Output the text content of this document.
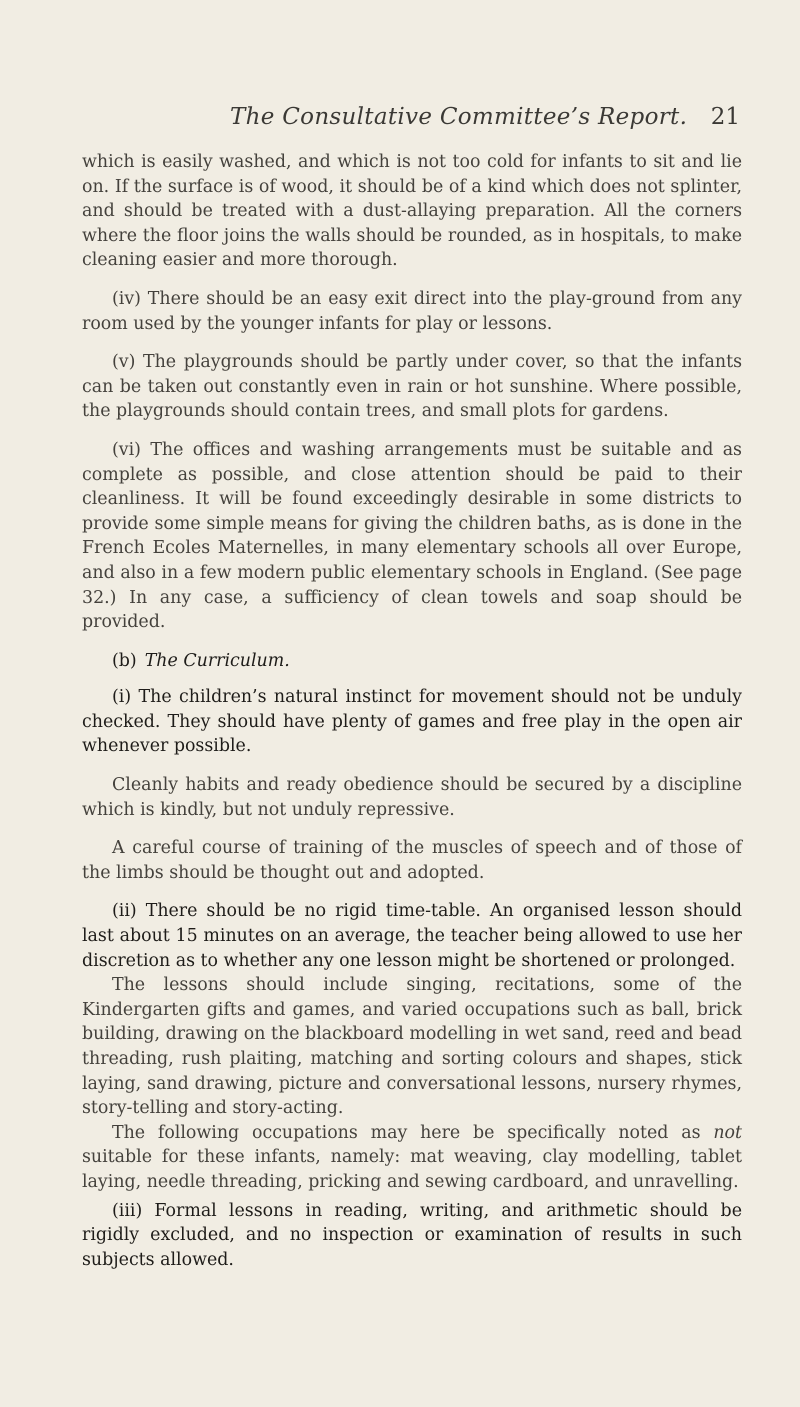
The Consultative Committee’s Report. 21

which is easily washed, and which is not too cold for infants to sit and lie on. If the surface is of wood, it should be of a kind which does not splinter, and should be treated with a dust-allaying preparation. All the corners where the floor joins the walls should be rounded, as in hospitals, to make cleaning easier and more thorough.

(iv) There should be an easy exit direct into the play-ground from any room used by the younger infants for play or lessons.

(v) The playgrounds should be partly under cover, so that the infants can be taken out constantly even in rain or hot sunshine. Where possible, the playgrounds should contain trees, and small plots for gardens.

(vi) The offices and washing arrangements must be suitable and as complete as possible, and close attention should be paid to their cleanliness. It will be found exceedingly desirable in some districts to provide some simple means for giving the children baths, as is done in the French Ecoles Maternelles, in many elementary schools all over Europe, and also in a few modern public elementary schools in England. (See page 32.) In any case, a sufficiency of clean towels and soap should be provided.

(b) The Curriculum.

(i) The children’s natural instinct for movement should not be unduly checked. They should have plenty of games and free play in the open air whenever possible.

Cleanly habits and ready obedience should be secured by a discipline which is kindly, but not unduly repressive.

A careful course of training of the muscles of speech and of those of the limbs should be thought out and adopted.

(ii) There should be no rigid time-table. An organised lesson should last about 15 minutes on an average, the teacher being allowed to use her discretion as to whether any one lesson might be shortened or prolonged.

The lessons should include singing, recitations, some of the Kindergarten gifts and games, and varied occupations such as ball, brick building, drawing on the blackboard modelling in wet sand, reed and bead threading, rush plaiting, matching and sorting colours and shapes, stick laying, sand drawing, picture and conversational lessons, nursery rhymes, story-telling and story-acting.

The following occupations may here be specifically noted as not suitable for these infants, namely: mat weaving, clay modelling, tablet laying, needle threading, pricking and sewing cardboard, and unravelling.

(iii) Formal lessons in reading, writing, and arithmetic should be rigidly excluded, and no inspection or examination of results in such subjects allowed.
